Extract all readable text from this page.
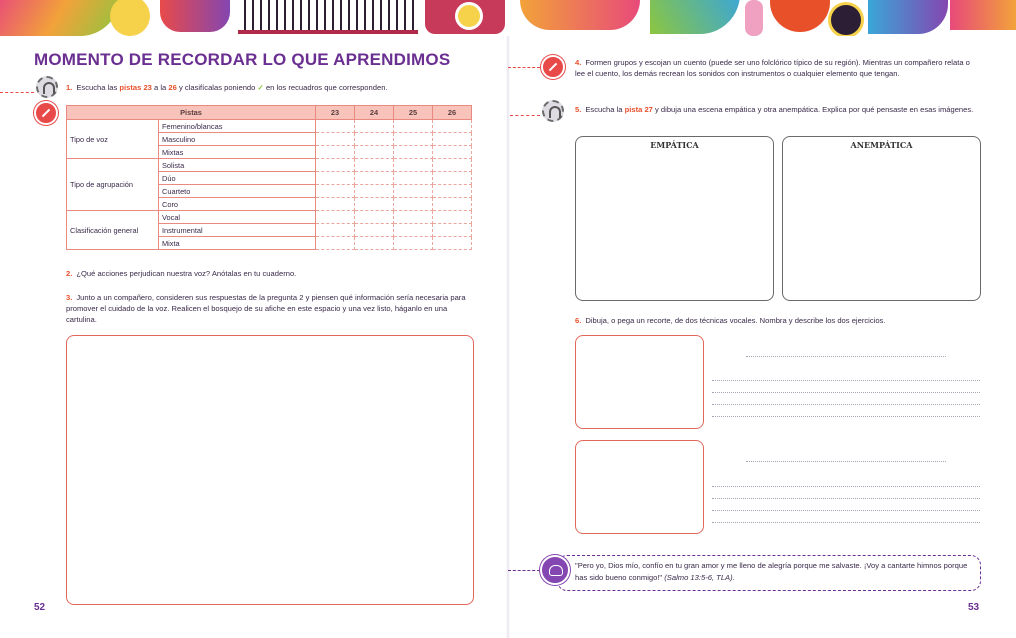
MOMENTO DE RECORDAR LO QUE APRENDIMOS
1. Escucha las pistas 23 a la 26 y clasifícalas poniendo ✓ en los recuadros que corresponden.
Pistas		23	24	25	26
Tipo de voz	Femenino/blancas				
	Masculino				
	Mixtas				
Tipo de agrupación	Solista				
	Dúo				
	Cuarteto				
	Coro				
Clasificación general	Vocal				
	Instrumental				
	Mixta				
2. ¿Qué acciones perjudican nuestra voz? Anótalas en tu cuaderno.
3. Junto a un compañero, consideren sus respuestas de la pregunta 2 y piensen qué información sería necesaria para promover el cuidado de la voz. Realicen el bosquejo de su afiche en este espacio y una vez listo, háganlo en una cartulina.
52
4. Formen grupos y escojan un cuento (puede ser uno folclórico típico de su región). Mientras un compañero relata o lee el cuento, los demás recrean los sonidos con instrumentos o cualquier elemento que tengan.
5. Escucha la pista 27 y dibuja una escena empática y otra anempática. Explica por qué pensaste en esas imágenes.
EMPÁTICA	ANEMPÁTICA
6. Dibuja, o pega un recorte, de dos técnicas vocales. Nombra y describe los dos ejercicios.
"Pero yo, Dios mío, confío en tu gran amor y me lleno de alegría porque me salvaste. ¡Voy a cantarte himnos porque has sido bueno conmigo!" (Salmo 13:5-6, TLA).
53
